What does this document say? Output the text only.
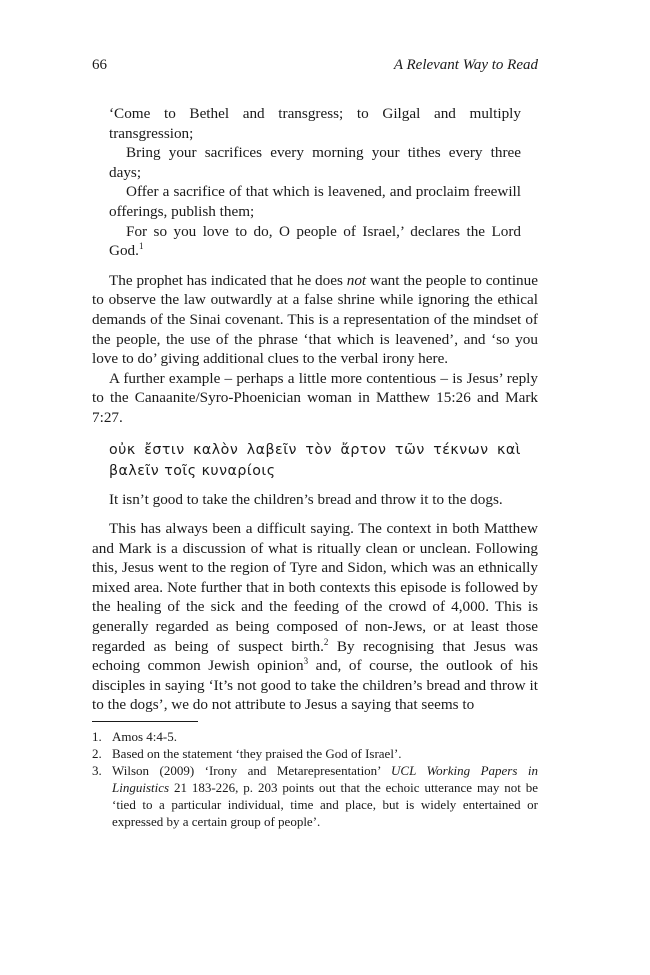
66	A Relevant Way to Read

‘Come to Bethel and transgress; to Gilgal and multiply transgression;

Bring your sacrifices every morning your tithes every three days;

Offer a sacrifice of that which is leavened, and proclaim freewill offerings, publish them;

For so you love to do, O people of Israel,’ declares the Lord God.$^1$

The prophet has indicated that he does not want the people to continue to observe the law outwardly at a false shrine while ignoring the ethical demands of the Sinai covenant. This is a representation of the mindset of the people, the use of the phrase ‘that which is leavened’, and ‘so you love to do’ giving additional clues to the verbal irony here.

A further example – perhaps a little more contentious – is Jesus’ reply to the Canaanite/Syro-Phoenician woman in Matthew 15:26 and Mark 7:27.

οὐκ ἔστιν καλὸν λαβεῖν τὸν ἄρτον τῶν τέκνων καὶ βαλεῖν τοῖς κυναρίοις

It isn’t good to take the children’s bread and throw it to the dogs.

This has always been a difficult saying. The context in both Matthew and Mark is a discussion of what is ritually clean or unclean. Following this, Jesus went to the region of Tyre and Sidon, which was an ethnically mixed area. Note further that in both contexts this episode is followed by the healing of the sick and the feeding of the crowd of 4,000. This is generally regarded as being composed of non-Jews, or at least those regarded as being of suspect birth.$^2$ By recognising that Jesus was echoing common Jewish opinion$^3$ and, of course, the outlook of his disciples in saying ‘It’s not good to take the children’s bread and throw it to the dogs’, we do not attribute to Jesus a saying that seems to

1. Amos 4:4-5.
2. Based on the statement ‘they praised the God of Israel’.
3. Wilson (2009) ‘Irony and Metarepresentation’ UCL Working Papers in Linguistics 21 183-226, p. 203 points out that the echoic utterance may not be ‘tied to a particular individual, time and place, but is widely entertained or expressed by a certain group of people’.
